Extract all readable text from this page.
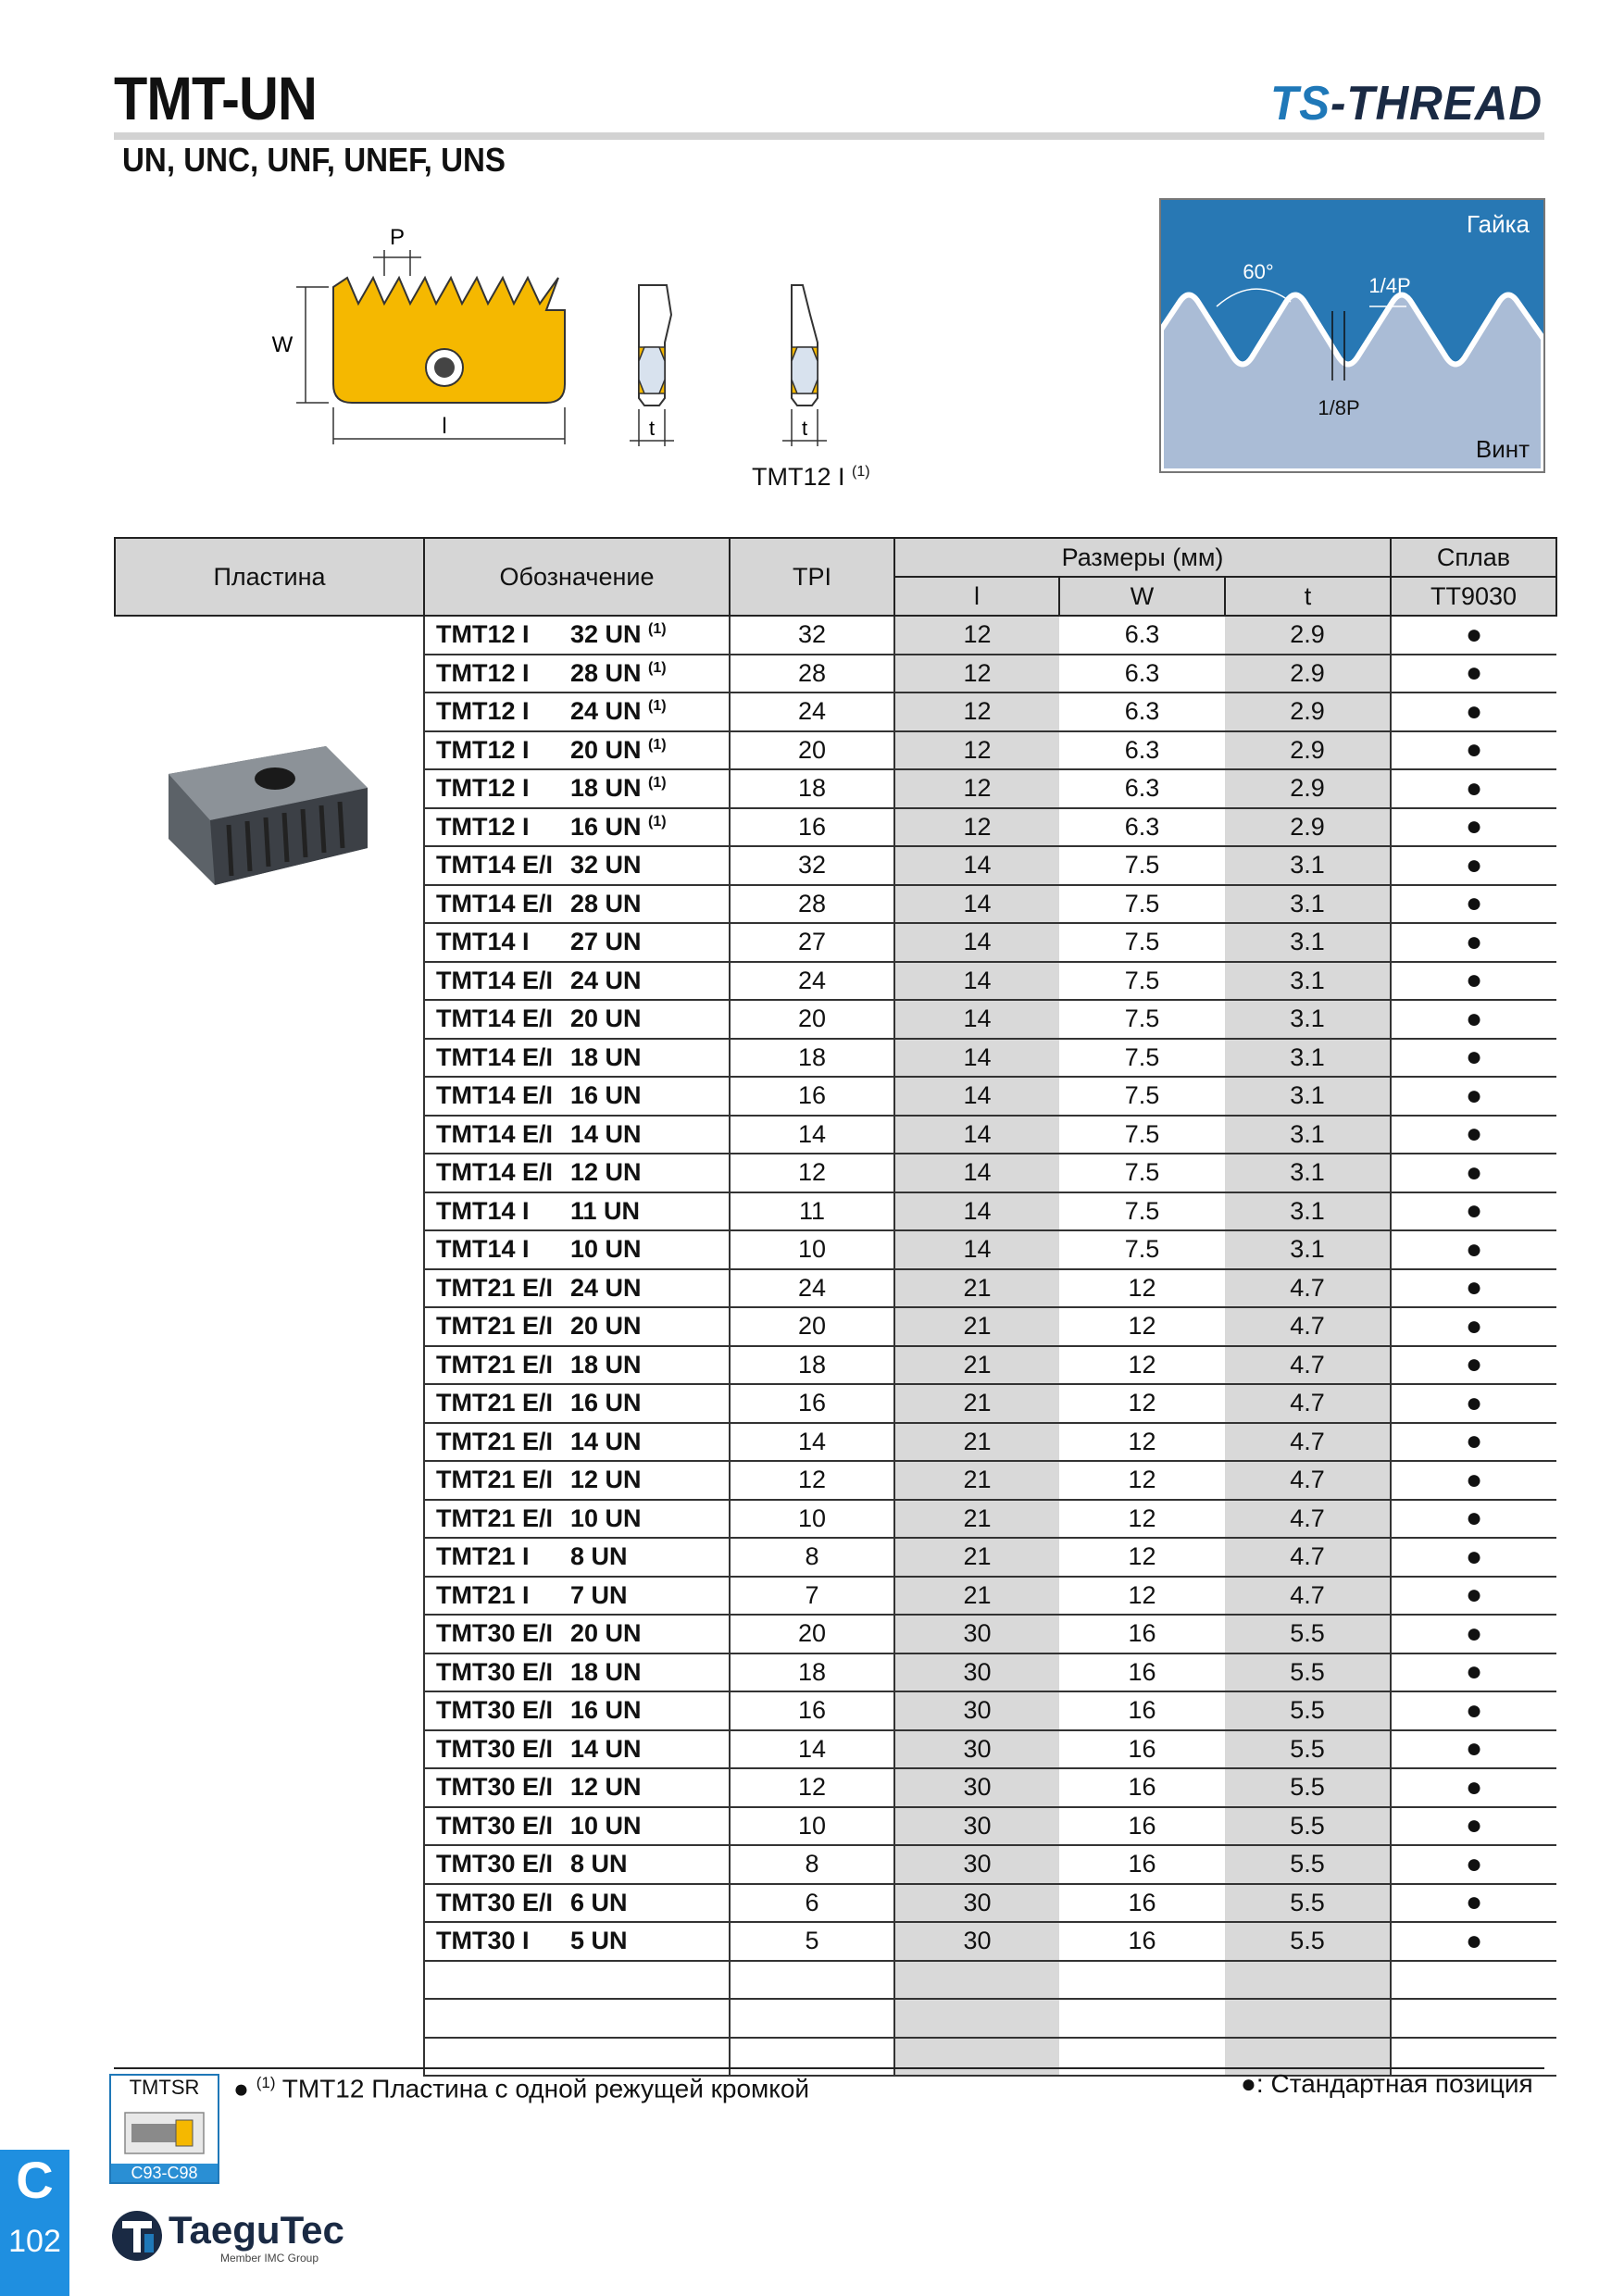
TMT-UN	TS-THREAD
UN, UNC, UNF, UNEF, UNS
P
W
l	t	t
TMT12 I $^{(1)}$
Гайка
Винт
60°
1/4P
1/8P
Пластина	Обозначение	TPI	Размеры (мм)			Сплав
			l	W	t	TT9030

	TMT12 I 32 UN $^{(1)}$	32	12	6.3	2.9	●
	TMT12 I 28 UN $^{(1)}$	28	12	6.3	2.9	●
	TMT12 I 24 UN $^{(1)}$	24	12	6.3	2.9	●
	TMT12 I 20 UN $^{(1)}$	20	12	6.3	2.9	●
	TMT12 I 18 UN $^{(1)}$	18	12	6.3	2.9	●
	TMT12 I 16 UN $^{(1)}$	16	12	6.3	2.9	●
	TMT14 E/I 32 UN	32	14	7.5	3.1	●
	TMT14 E/I 28 UN	28	14	7.5	3.1	●
	TMT14 I 27 UN	27	14	7.5	3.1	●
	TMT14 E/I 24 UN	24	14	7.5	3.1	●
	TMT14 E/I 20 UN	20	14	7.5	3.1	●
	TMT14 E/I 18 UN	18	14	7.5	3.1	●
	TMT14 E/I 16 UN	16	14	7.5	3.1	●
	TMT14 E/I 14 UN	14	14	7.5	3.1	●
	TMT14 E/I 12 UN	12	14	7.5	3.1	●
	TMT14 I 11 UN	11	14	7.5	3.1	●
	TMT14 I 10 UN	10	14	7.5	3.1	●
	TMT21 E/I 24 UN	24	21	12	4.7	●
	TMT21 E/I 20 UN	20	21	12	4.7	●
	TMT21 E/I 18 UN	18	21	12	4.7	●
	TMT21 E/I 16 UN	16	21	12	4.7	●
	TMT21 E/I 14 UN	14	21	12	4.7	●
	TMT21 E/I 12 UN	12	21	12	4.7	●
	TMT21 E/I 10 UN	10	21	12	4.7	●
	TMT21 I 8 UN	8	21	12	4.7	●
	TMT21 I 7 UN	7	21	12	4.7	●
	TMT30 E/I 20 UN	20	30	16	5.5	●
	TMT30 E/I 18 UN	18	30	16	5.5	●
	TMT30 E/I 16 UN	16	30	16	5.5	●
	TMT30 E/I 14 UN	14	30	16	5.5	●
	TMT30 E/I 12 UN	12	30	16	5.5	●
	TMT30 E/I 10 UN	10	30	16	5.5	●
	TMT30 E/I 8 UN	8	30	16	5.5	●
	TMT30 E/I 6 UN	6	30	16	5.5	●
	TMT30 I 5 UN	5	30	16	5.5	●

TMTSR
C93-C98
● $^{(1)}$ TMT12 Пластина с одной режущей кромкой	●: Стандартная позиция
C
102	TaeguTec
Member IMC Group
